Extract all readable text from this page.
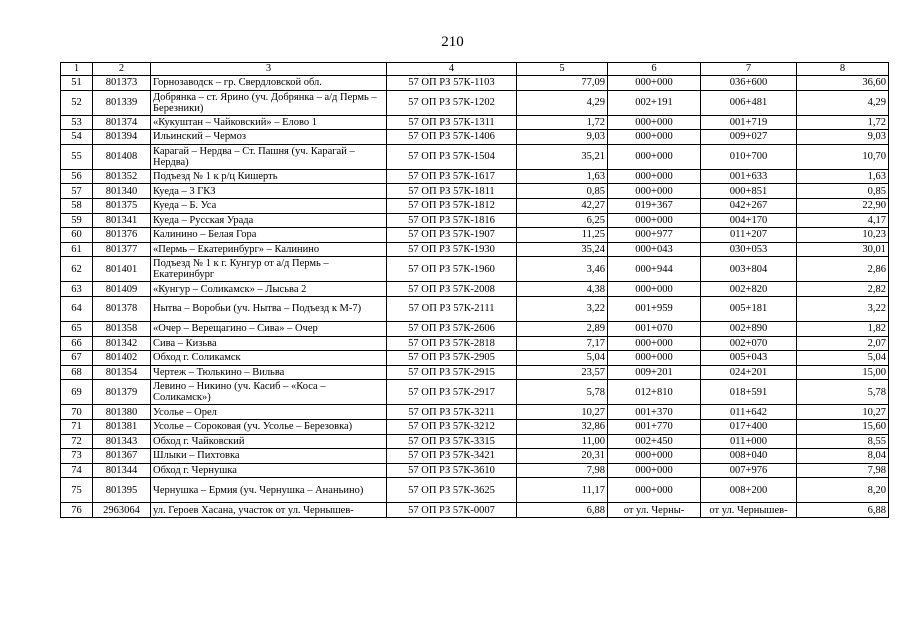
210
1	2	3	4	5	6	7	8
51	801373	Горнозаводск – гр. Свердловской обл.	57 ОП РЗ 57К-1103	77,09	000+000	036+600	36,60
52	801339	Добрянка – ст. Ярино (уч. Добрянка – а/д Пермь – Березники)	57 ОП РЗ 57К-1202	4,29	002+191	006+481	4,29
53	801374	«Кукуштан – Чайковский» – Елово 1	57 ОП РЗ 57К-1311	1,72	000+000	001+719	1,72
54	801394	Ильинский – Чермоз	57 ОП РЗ 57К-1406	9,03	000+000	009+027	9,03
55	801408	Карагай – Нердва – Ст. Пашня (уч. Карагай – Нердва)	57 ОП РЗ 57К-1504	35,21	000+000	010+700	10,70
56	801352	Подъезд № 1 к р/ц Кишерть	57 ОП РЗ 57К-1617	1,63	000+000	001+633	1,63
57	801340	Куеда – 3 ГКЗ	57 ОП РЗ 57К-1811	0,85	000+000	000+851	0,85
58	801375	Куеда – Б. Уса	57 ОП РЗ 57К-1812	42,27	019+367	042+267	22,90
59	801341	Куеда – Русская Урада	57 ОП РЗ 57К-1816	6,25	000+000	004+170	4,17
60	801376	Калинино – Белая Гора	57 ОП РЗ 57К-1907	11,25	000+977	011+207	10,23
61	801377	«Пермь – Екатеринбург» – Калинино	57 ОП РЗ 57К-1930	35,24	000+043	030+053	30,01
62	801401	Подъезд № 1 к г. Кунгур от а/д Пермь – Екатеринбург	57 ОП РЗ 57К-1960	3,46	000+944	003+804	2,86
63	801409	«Кунгур – Соликамск» – Лысьва 2	57 ОП РЗ 57К-2008	4,38	000+000	002+820	2,82
64	801378	Нытва – Воробьи (уч. Нытва – Подъезд к М-7)	57 ОП РЗ 57К-2111	3,22	001+959	005+181	3,22
65	801358	«Очер – Верещагино – Сива» – Очер	57 ОП РЗ 57К-2606	2,89	001+070	002+890	1,82
66	801342	Сива – Кизьва	57 ОП РЗ 57К-2818	7,17	000+000	002+070	2,07
67	801402	Обход г. Соликамск	57 ОП РЗ 57К-2905	5,04	000+000	005+043	5,04
68	801354	Чертеж – Тюлькино – Вильва	57 ОП РЗ 57К-2915	23,57	009+201	024+201	15,00
69	801379	Левино – Никино (уч. Касиб – «Коса – Соликамск»)	57 ОП РЗ 57К-2917	5,78	012+810	018+591	5,78
70	801380	Усолье – Орел	57 ОП РЗ 57К-3211	10,27	001+370	011+642	10,27
71	801381	Усолье – Сороковая (уч. Усолье – Березовка)	57 ОП РЗ 57К-3212	32,86	001+770	017+400	15,60
72	801343	Обход г. Чайковский	57 ОП РЗ 57К-3315	11,00	002+450	011+000	8,55
73	801367	Шлыки – Пихтовка	57 ОП РЗ 57К-3421	20,31	000+000	008+040	8,04
74	801344	Обход г. Чернушка	57 ОП РЗ 57К-3610	7,98	000+000	007+976	7,98
75	801395	Чернушка – Ермия (уч. Чернушка – Ананьино)	57 ОП РЗ 57К-3625	11,17	000+000	008+200	8,20
76	2963064	ул. Героев Хасана, участок от ул. Чернышев-	57 ОП РЗ 57К-0007	6,88	от ул. Черны-	от ул. Чернышев-	6,88
